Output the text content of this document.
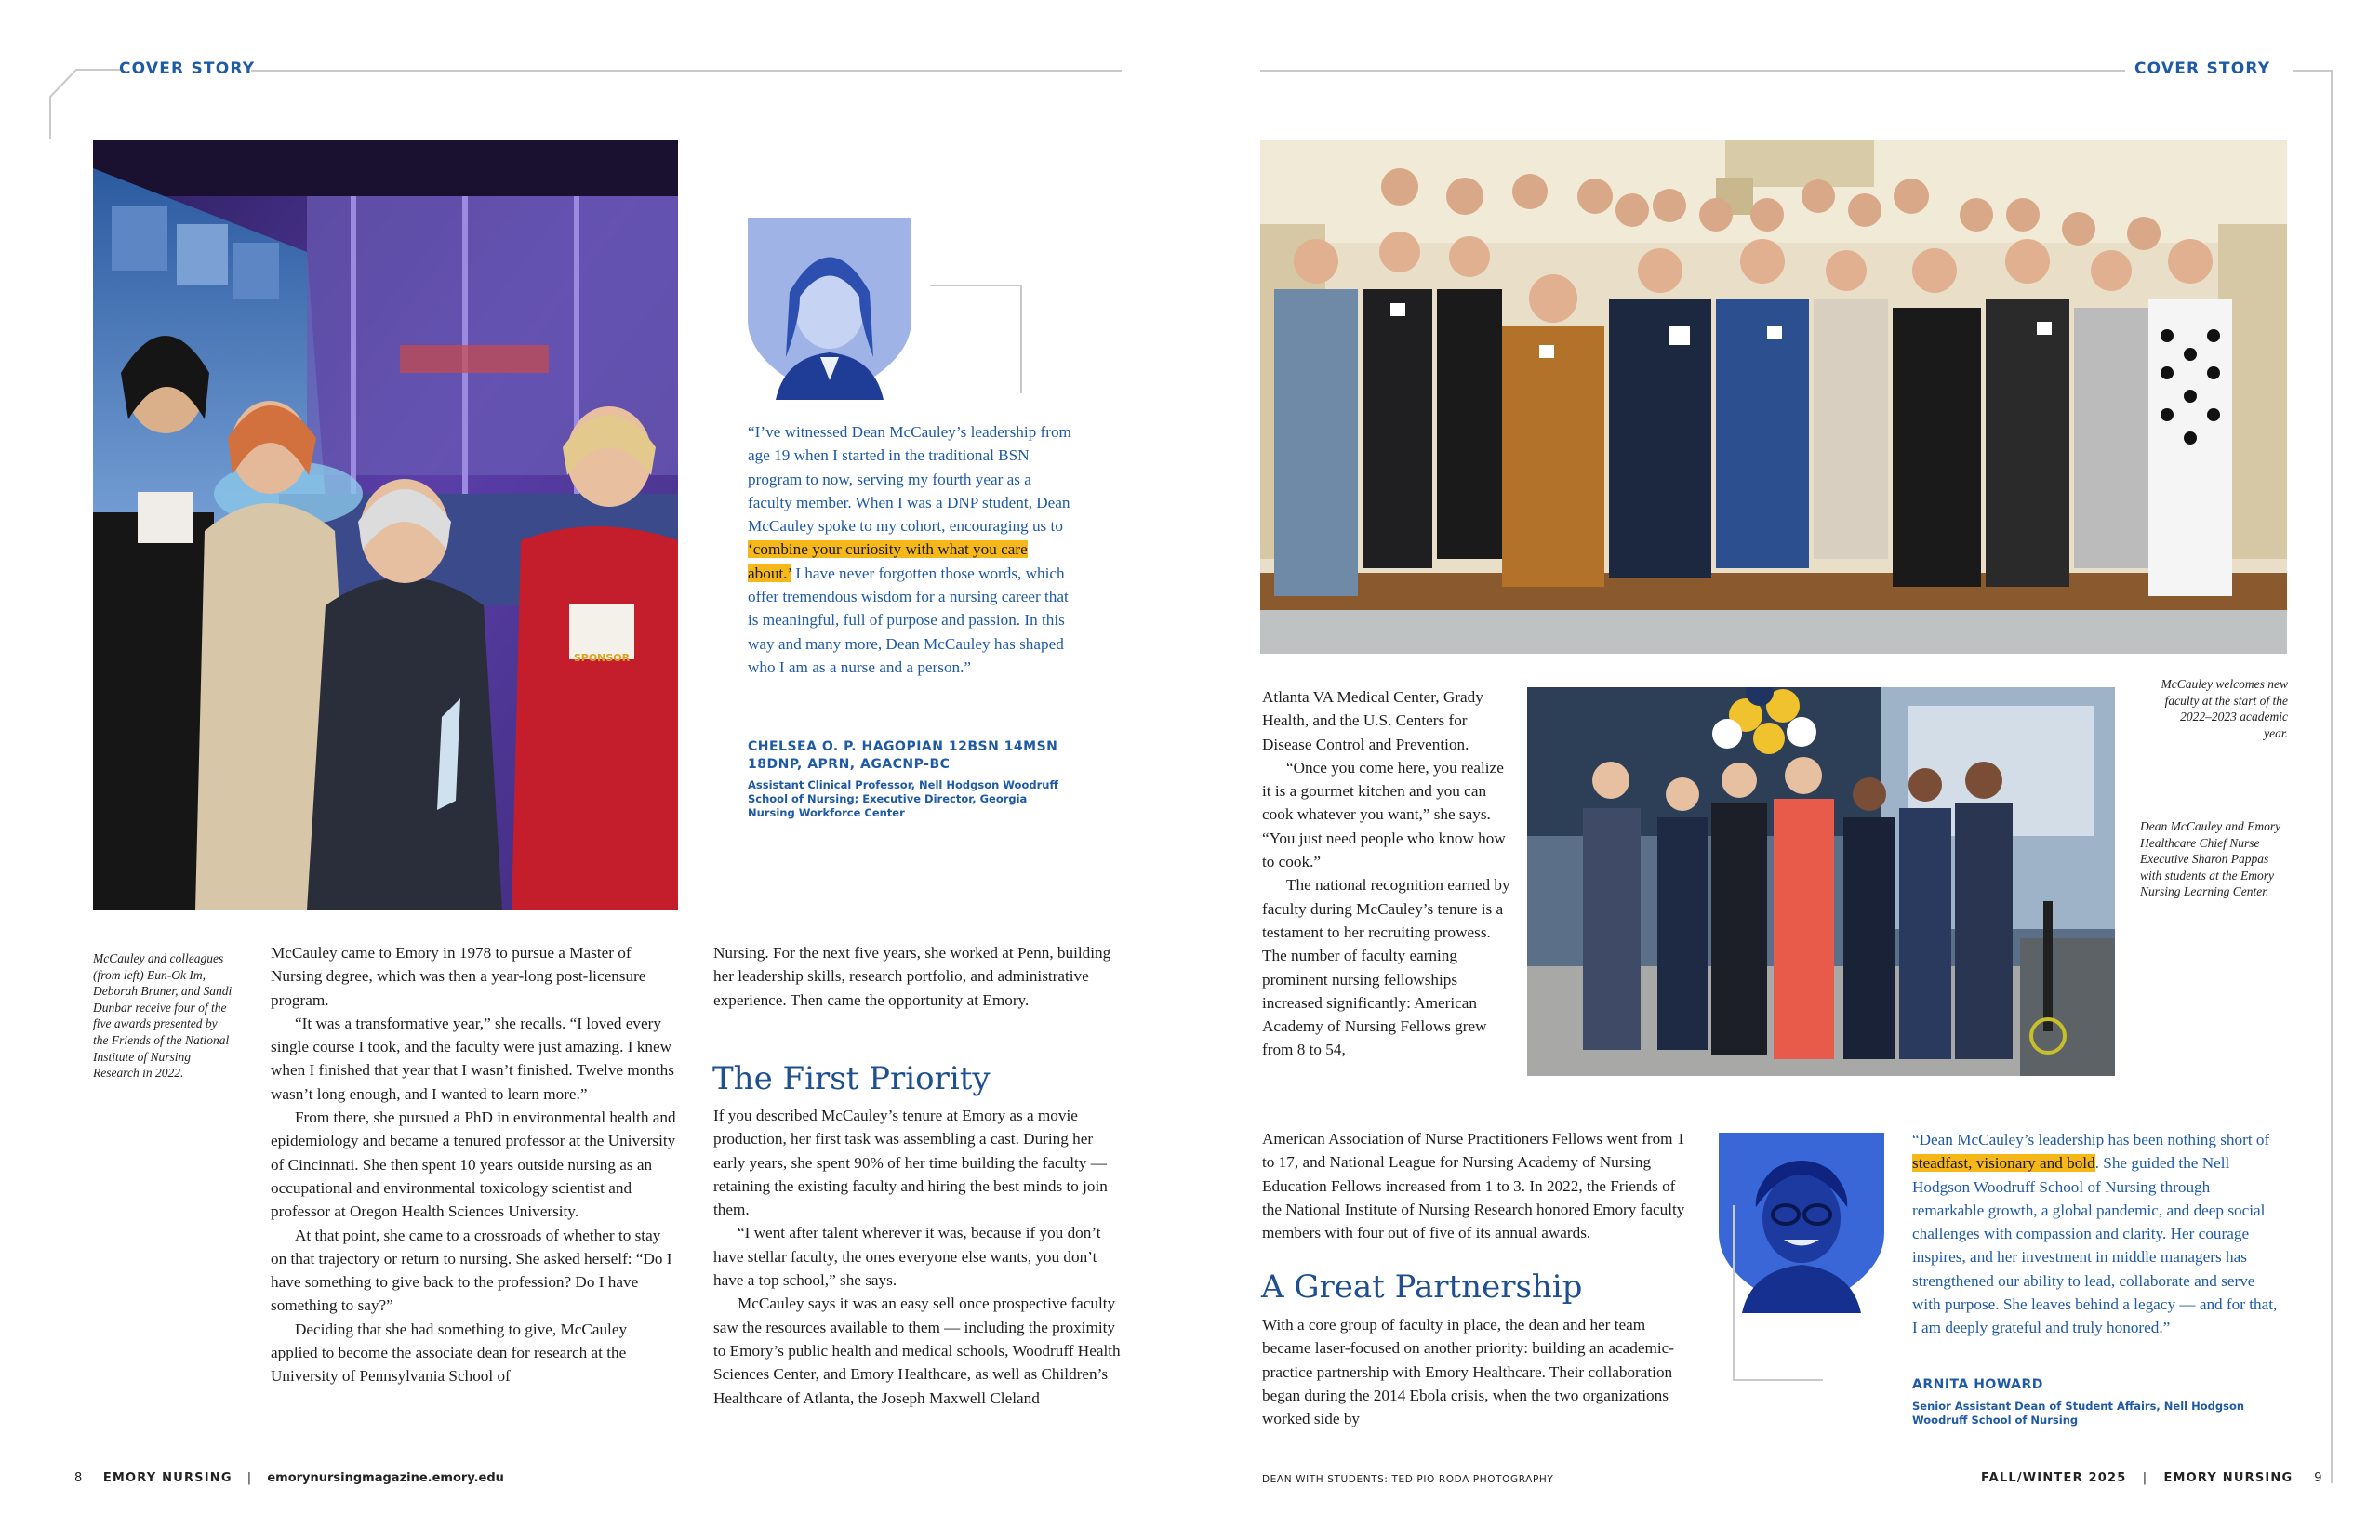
COVER STORY	COVER STORY
SPONSOR
McCauley and colleagues (from left) Eun-Ok Im, Deborah Bruner, and Sandi Dunbar receive four of the five awards presented by the Friends of the National Institute of Nursing Research in 2022.

“I’ve witnessed Dean McCauley’s leadership from age 19 when I started in the traditional BSN program to now, serving my fourth year as a faculty member. When I was a DNP student, Dean McCauley spoke to my cohort, encouraging us to ‘combine your curiosity with what you care about.’ I have never forgotten those words, which offer tremendous wisdom for a nursing career that is meaningful, full of purpose and passion. In this way and many more, Dean McCauley has shaped who I am as a nurse and a person.”

CHELSEA O. P. HAGOPIAN 12BSN 14MSN 18DNP, APRN, AGACNP-BC
Assistant Clinical Professor, Nell Hodgson Woodruff School of Nursing; Executive Director, Georgia Nursing Workforce Center

McCauley came to Emory in 1978 to pursue a Master of Nursing degree, which was then a year-long post-licensure program.

“It was a transformative year,” she recalls. “I loved every single course I took, and the faculty were just amazing. I knew when I finished that year that I wasn’t finished. Twelve months wasn’t long enough, and I wanted to learn more.”

From there, she pursued a PhD in environmental health and epidemiology and became a tenured professor at the University of Cincinnati. She then spent 10 years outside nursing as an occupational and environmental toxicology scientist and professor at Oregon Health Sciences University.

At that point, she came to a crossroads of whether to stay on that trajectory or return to nursing. She asked herself: “Do I have something to give back to the profession? Do I have something to say?”

Deciding that she had something to give, McCauley applied to become the associate dean for research at the University of Pennsylvania School of

Nursing. For the next five years, she worked at Penn, building her leadership skills, research portfolio, and administrative experience. Then came the opportunity at Emory.

The First Priority

If you described McCauley’s tenure at Emory as a movie production, her first task was assembling a cast. During her early years, she spent 90% of her time building the faculty — retaining the existing faculty and hiring the best minds to join them.

“I went after talent wherever it was, because if you don’t have stellar faculty, the ones everyone else wants, you don’t have a top school,” she says.

McCauley says it was an easy sell once prospective faculty saw the resources available to them — including the proximity to Emory’s public health and medical schools, Woodruff Health Sciences Center, and Emory Healthcare, as well as Children’s Healthcare of Atlanta, the Joseph Maxwell Cleland

8 EMORY NURSING | emorynursingmagazine.emory.edu
McCauley welcomes new faculty at the start of the 2022–2023 academic year.
Dean McCauley and Emory Healthcare Chief Nurse Executive Sharon Pappas with students at the Emory Nursing Learning Center.

Atlanta VA Medical Center, Grady Health, and the U.S. Centers for Disease Control and Prevention.

“Once you come here, you realize it is a gourmet kitchen and you can cook whatever you want,” she says. “You just need people who know how to cook.”

The national recognition earned by faculty during McCauley’s tenure is a testament to her recruiting prowess. The number of faculty earning prominent nursing fellowships increased significantly: American Academy of Nursing Fellows grew from 8 to 54,

American Association of Nurse Practitioners Fellows went from 1 to 17, and National League for Nursing Academy of Nursing Education Fellows increased from 1 to 3. In 2022, the Friends of the National Institute of Nursing Research honored Emory faculty members with four out of five of its annual awards.

A Great Partnership

With a core group of faculty in place, the dean and her team became laser-focused on another priority: building an academic-practice partnership with Emory Healthcare. Their collaboration began during the 2014 Ebola crisis, when the two organizations worked side by

“Dean McCauley’s leadership has been nothing short of steadfast, visionary and bold. She guided the Nell Hodgson Woodruff School of Nursing through remarkable growth, a global pandemic, and deep social challenges with compassion and clarity. Her courage inspires, and her investment in middle managers has strengthened our ability to lead, collaborate and serve with purpose. She leaves behind a legacy — and for that, I am deeply grateful and truly honored.”

ARNITA HOWARD
Senior Assistant Dean of Student Affairs, Nell Hodgson Woodruff School of Nursing
DEAN WITH STUDENTS: TED PIO RODA PHOTOGRAPHY	FALL/WINTER 2025 | EMORY NURSING 9
